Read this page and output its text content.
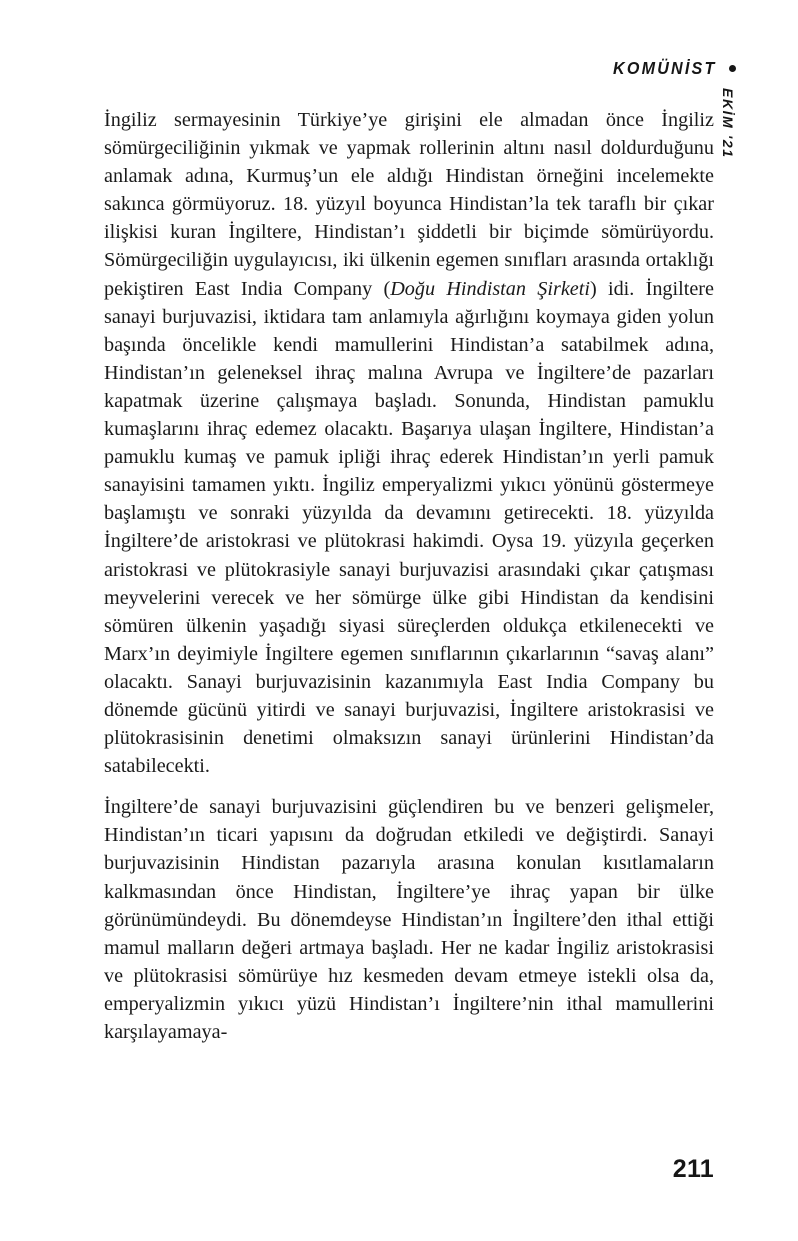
KOMÜNİST
EKİM '21

İngiliz sermayesinin Türkiye’ye girişini ele almadan önce İngiliz sömürgeciliğinin yıkmak ve yapmak rollerinin altını nasıl doldurduğunu anlamak adına, Kurmuş’un ele aldığı Hindistan örneğini incelemekte sakınca görmüyoruz. 18. yüzyıl boyunca Hindistan’la tek taraflı bir çıkar ilişkisi kuran İngiltere, Hindistan’ı şiddetli bir biçimde sömürüyordu. Sömürgeciliğin uygulayıcısı, iki ülkenin egemen sınıfları arasında ortaklığı pekiştiren East India Company (Doğu Hindistan Şirketi) idi. İngiltere sanayi burjuvazisi, iktidara tam anlamıyla ağırlığını koymaya giden yolun başında öncelikle kendi mamullerini Hindistan’a satabilmek adına, Hindistan’ın geleneksel ihraç malına Avrupa ve İngiltere’de pazarları kapatmak üzerine çalışmaya başladı. Sonunda, Hindistan pamuklu kumaşlarını ihraç edemez olacaktı. Başarıya ulaşan İngiltere, Hindistan’a pamuklu kumaş ve pamuk ipliği ihraç ederek Hindistan’ın yerli pamuk sanayisini tamamen yıktı. İngiliz emperyalizmi yıkıcı yönünü göstermeye başlamıştı ve sonraki yüzyılda da devamını getirecekti. 18. yüzyılda İngiltere’de aristokrasi ve plütokrasi hakimdi. Oysa 19. yüzyıla geçerken aristokrasi ve plütokrasiyle sanayi burjuvazisi arasındaki çıkar çatışması meyvelerini verecek ve her sömürge ülke gibi Hindistan da kendisini sömüren ülkenin yaşadığı siyasi süreçlerden oldukça etkilenecekti ve Marx’ın deyimiyle İngiltere egemen sınıflarının çıkarlarının “savaş alanı” olacaktı. Sanayi burjuvazisinin kazanımıyla East India Company bu dönemde gücünü yitirdi ve sanayi burjuvazisi, İngiltere aristokrasisi ve plütokrasisinin denetimi olmaksızın sanayi ürünlerini Hindistan’da satabilecekti.

İngiltere’de sanayi burjuvazisini güçlendiren bu ve benzeri gelişmeler, Hindistan’ın ticari yapısını da doğrudan etkiledi ve değiştirdi. Sanayi burjuvazisinin Hindistan pazarıyla arasına konulan kısıtlamaların kalkmasından önce Hindistan, İngiltere’ye ihraç yapan bir ülke görünümündeydi. Bu dönemdeyse Hindistan’ın İngiltere’den ithal ettiği mamul malların değeri artmaya başladı. Her ne kadar İngiliz aristokrasisi ve plütokrasisi sömürüye hız kesmeden devam etmeye istekli olsa da, emperyalizmin yıkıcı yüzü Hindistan’ı İngiltere’nin ithal mamullerini karşılayamaya-

211
